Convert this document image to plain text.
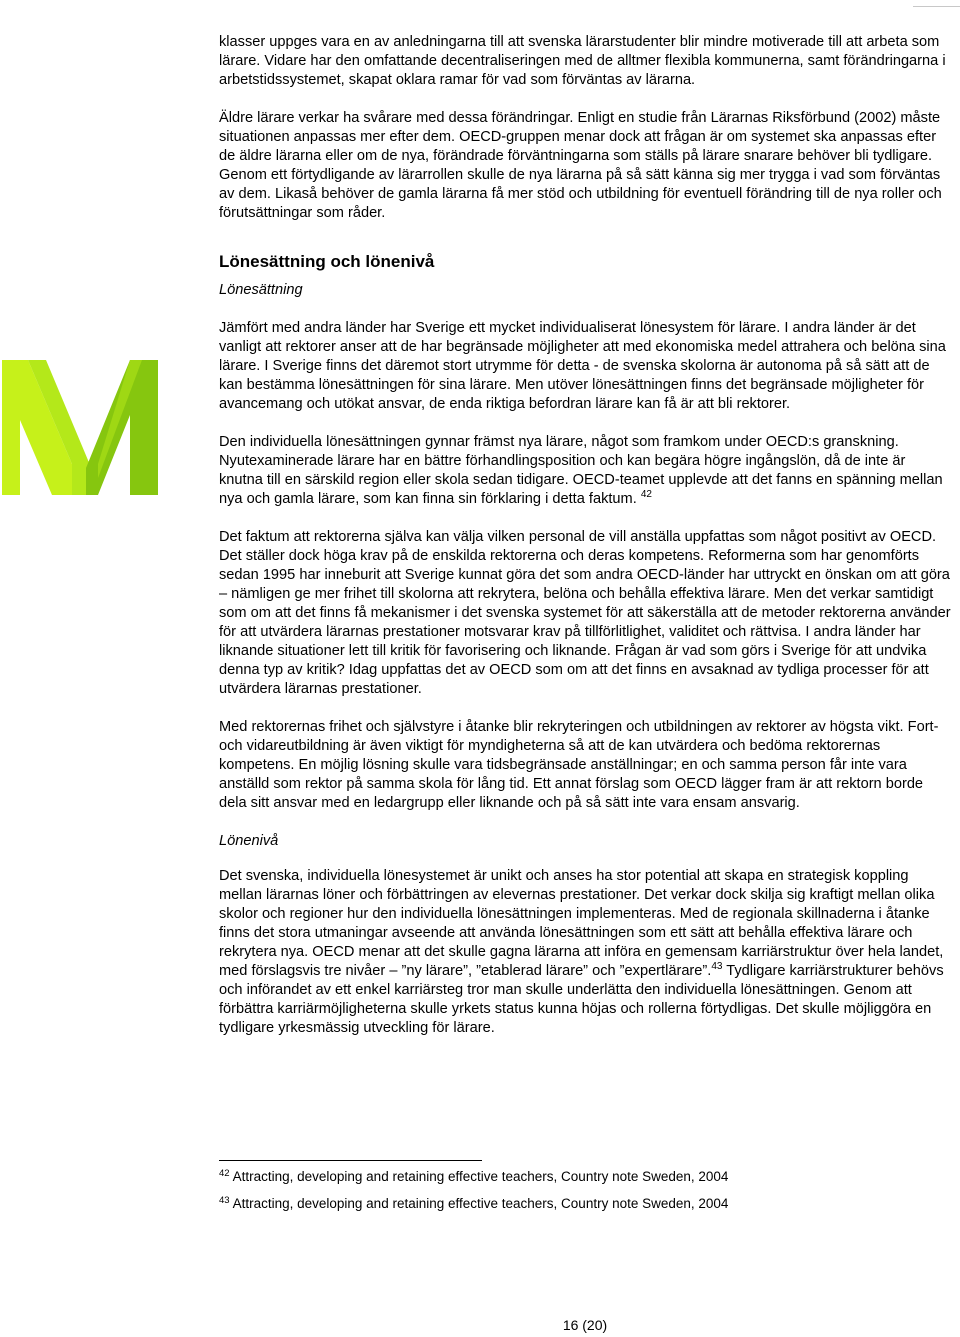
klasser uppges vara en av anledningarna till att svenska lärarstudenter blir mindre motiverade till att arbeta som lärare. Vidare har den omfattande decentraliseringen med de alltmer flexibla kommunerna, samt förändringarna i arbetstidssystemet, skapat oklara ramar för vad som förväntas av lärarna.

Äldre lärare verkar ha svårare med dessa förändringar. Enligt en studie från Lärarnas Riksförbund (2002) måste situationen anpassas mer efter dem. OECD-gruppen menar dock att frågan är om systemet ska anpassas efter de äldre lärarna eller om de nya, förändrade förväntningarna som ställs på lärare snarare behöver bli tydligare. Genom ett förtydligande av lärarrollen skulle de nya lärarna på så sätt känna sig mer trygga i vad som förväntas av dem. Likaså behöver de gamla lärarna få mer stöd och utbildning för eventuell förändring till de nya roller och förutsättningar som råder.

Lönesättning och lönenivå

Lönesättning

Jämfört med andra länder har Sverige ett mycket individualiserat lönesystem för lärare. I andra länder är det vanligt att rektorer anser att de har begränsade möjligheter att med ekonomiska medel attrahera och belöna sina lärare. I Sverige finns det däremot stort utrymme för detta - de svenska skolorna är autonoma på så sätt att de kan bestämma lönesättningen för sina lärare. Men utöver lönesättningen finns det begränsade möjligheter för avancemang och utökat ansvar, de enda riktiga befordran lärare kan få är att bli rektorer.

Den individuella lönesättningen gynnar främst nya lärare, något som framkom under OECD:s granskning. Nyutexaminerade lärare har en bättre förhandlingsposition och kan begära högre ingångslön, då de inte är knutna till en särskild region eller skola sedan tidigare. OECD-teamet upplevde att det fanns en spänning mellan nya och gamla lärare, som kan finna sin förklaring i detta faktum. $^{42}$

Det faktum att rektorerna själva kan välja vilken personal de vill anställa uppfattas som något positivt av OECD. Det ställer dock höga krav på de enskilda rektorerna och deras kompetens. Reformerna som har genomförts sedan 1995 har inneburit att Sverige kunnat göra det som andra OECD-länder har uttryckt en önskan om att göra – nämligen ge mer frihet till skolorna att rekrytera, belöna och behålla effektiva lärare. Men det verkar samtidigt som om att det finns få mekanismer i det svenska systemet för att säkerställa att de metoder rektorerna använder för att utvärdera lärarnas prestationer motsvarar krav på tillförlitlighet, validitet och rättvisa. I andra länder har liknande situationer lett till kritik för favorisering och liknande. Frågan är vad som görs i Sverige för att undvika denna typ av kritik? Idag uppfattas det av OECD som om att det finns en avsaknad av tydliga processer för att utvärdera lärarnas prestationer.

Med rektorernas frihet och självstyre i åtanke blir rekryteringen och utbildningen av rektorer av högsta vikt. Fort- och vidareutbildning är även viktigt för myndigheterna så att de kan utvärdera och bedöma rektorernas kompetens. En möjlig lösning skulle vara tidsbegränsade anställningar; en och samma person får inte vara anställd som rektor på samma skola för lång tid. Ett annat förslag som OECD lägger fram är att rektorn borde dela sitt ansvar med en ledargrupp eller liknande och på så sätt inte vara ensam ansvarig.

Lönenivå

Det svenska, individuella lönesystemet är unikt och anses ha stor potential att skapa en strategisk koppling mellan lärarnas löner och förbättringen av elevernas prestationer. Det verkar dock skilja sig kraftigt mellan olika skolor och regioner hur den individuella lönesättningen implementeras. Med de regionala skillnaderna i åtanke finns det stora utmaningar avseende att använda lönesättningen som ett sätt att behålla effektiva lärare och rekrytera nya. OECD menar att det skulle gagna lärarna att införa en gemensam karriärstruktur över hela landet, med förslagsvis tre nivåer – ”ny lärare”, ”etablerad lärare” och ”expertlärare”.$^{43}$ Tydligare karriärstrukturer behövs och införandet av ett enkel karriärsteg tror man skulle underlätta den individuella lönesättningen. Genom att förbättra karriärmöjligheterna skulle yrkets status kunna höjas och rollerna förtydligas. Det skulle möjliggöra en tydligare yrkesmässig utveckling för lärare.

$^{42}$ Attracting, developing and retaining effective teachers, Country note Sweden, 2004

$^{43}$ Attracting, developing and retaining effective teachers, Country note Sweden, 2004

16 (20)
